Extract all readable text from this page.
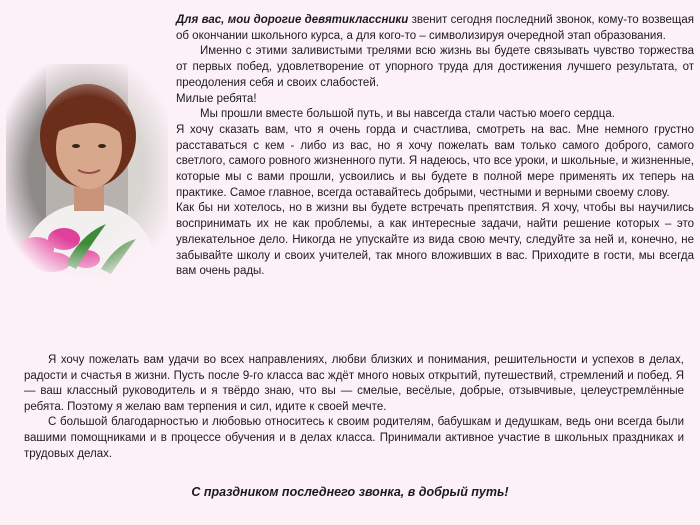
Для вас, мои дорогие девятиклассники звенит сегодня последний звонок, кому-то возвещая об окончании школьного курса, а для кого-то – символизируя очередной этап образования.

Именно с этими заливистыми трелями всю жизнь вы будете связывать чувство торжества от первых побед, удовлетворение от упорного труда для достижения лучшего результата, от преодоления себя и своих слабостей.

Милые ребята!

Мы прошли вместе большой путь, и вы навсегда стали частью моего сердца.

Я хочу сказать вам, что я очень горда и счастлива, смотреть на вас. Мне немного грустно расставаться с кем - либо из вас, но я хочу пожелать вам только самого доброго, самого светлого, самого ровного жизненного пути. Я надеюсь, что все уроки, и школьные, и жизненные, которые мы с вами прошли, усвоились и вы будете в полной мере применять их теперь на практике. Самое главное, всегда оставайтесь добрыми, честными и верными своему слову.

Как бы ни хотелось, но в жизни вы будете встречать препятствия. Я хочу, чтобы вы научились воспринимать их не как проблемы, а как интересные задачи, найти решение которых – это увлекательное дело. Никогда не упускайте из вида свою мечту, следуйте за ней и, конечно, не забывайте школу и своих учителей, так много вложивших в вас. Приходите в гости, мы всегда вам очень рады.

Я хочу пожелать вам удачи во всех направлениях, любви близких и понимания, решительности и успехов в делах, радости и счастья в жизни. Пусть после 9-го класса вас ждёт много новых открытий, путешествий, стремлений и побед. Я — ваш классный руководитель и я твёрдо знаю, что вы — смелые, весёлые, добрые, отзывчивые, целеустремлённые ребята. Поэтому я желаю вам терпения и сил, идите к своей мечте.

С большой благодарностью и любовью относитесь к своим родителям, бабушкам и дедушкам, ведь они всегда были вашими помощниками и в процессе обучения и в делах класса. Принимали активное участие в школьных праздниках и трудовых делах.

С праздником последнего звонка, в добрый путь!
